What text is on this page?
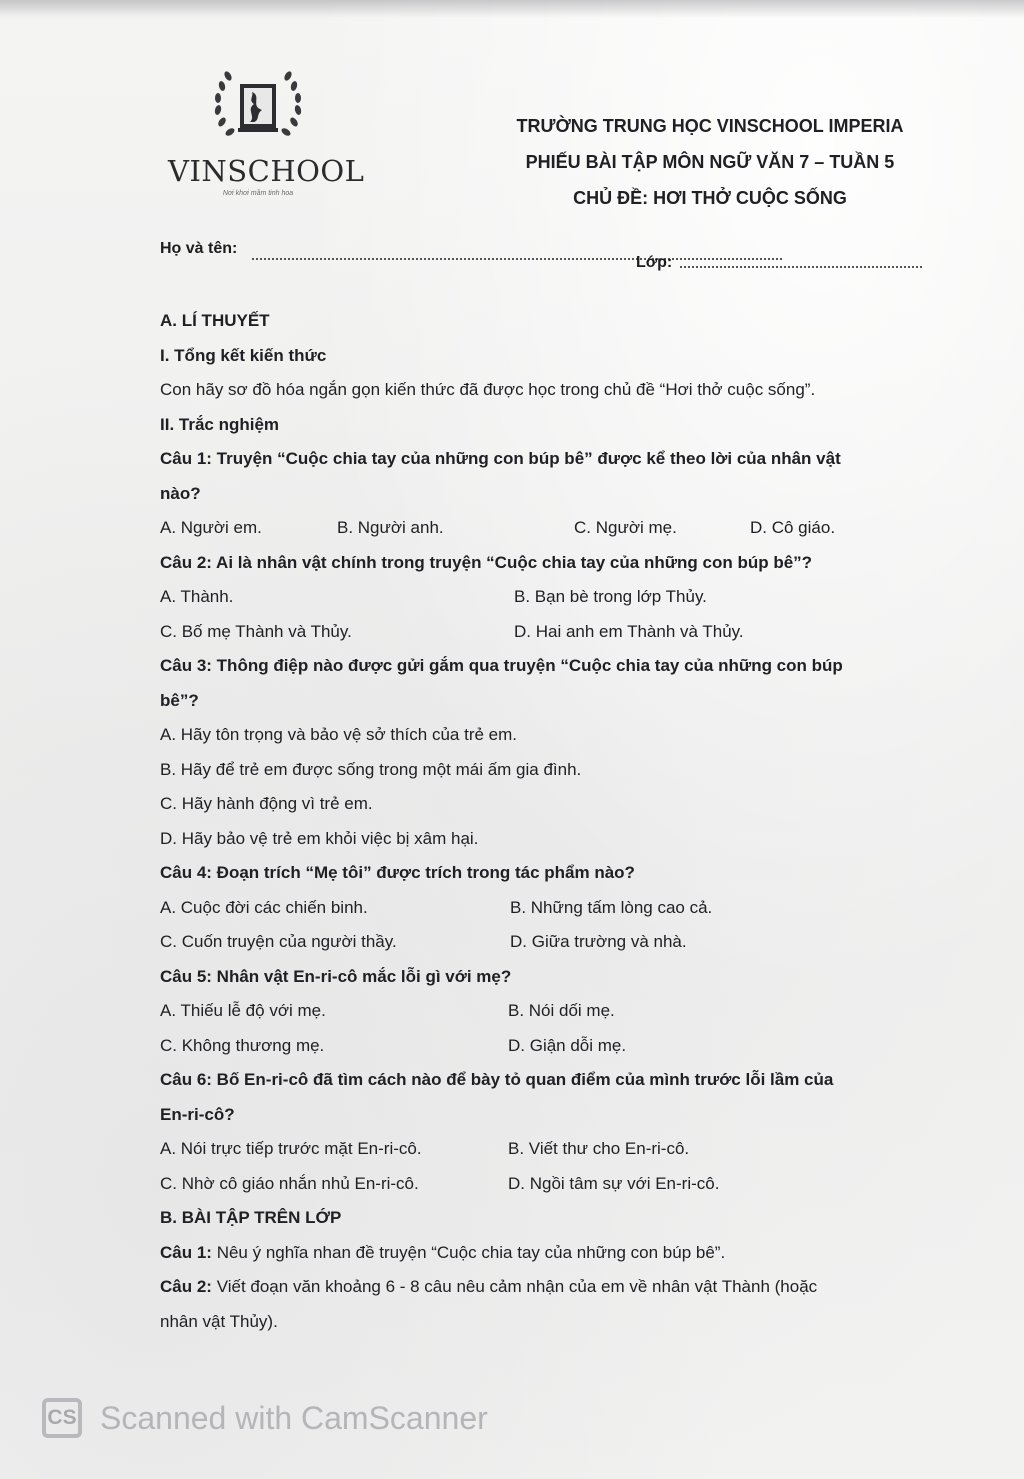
VINSCHOOL
Nơi khơi mầm tinh hoa
TRƯỜNG TRUNG HỌC VINSCHOOL IMPERIA
PHIẾU BÀI TẬP MÔN NGỮ VĂN 7 – TUẦN 5
CHỦ ĐỀ: HƠI THỞ CUỘC SỐNG
Họ và tên:
Lớp:
A. LÍ THUYẾT
I. Tổng kết kiến thức
Con hãy sơ đồ hóa ngắn gọn kiến thức đã được học trong chủ đề “Hơi thở cuộc sống”.
II. Trắc nghiệm
Câu 1: Truyện “Cuộc chia tay của những con búp bê” được kể theo lời của nhân vật
nào?
A. Người em.	B. Người anh.	C. Người mẹ.	D. Cô giáo.
Câu 2: Ai là nhân vật chính trong truyện “Cuộc chia tay của những con búp bê”?
A. Thành.	B. Bạn bè trong lớp Thủy.
C. Bố mẹ Thành và Thủy.	D. Hai anh em Thành và Thủy.
Câu 3: Thông điệp nào được gửi gắm qua truyện “Cuộc chia tay của những con búp
bê”?
A. Hãy tôn trọng và bảo vệ sở thích của trẻ em.
B. Hãy để trẻ em được sống trong một mái ấm gia đình.
C. Hãy hành động vì trẻ em.
D. Hãy bảo vệ trẻ em khỏi việc bị xâm hại.
Câu 4: Đoạn trích “Mẹ tôi” được trích trong tác phẩm nào?
A. Cuộc đời các chiến binh.	B. Những tấm lòng cao cả.
C. Cuốn truyện của người thầy.	D. Giữa trường và nhà.
Câu 5: Nhân vật En-ri-cô mắc lỗi gì với mẹ?
A. Thiếu lễ độ với mẹ.	B. Nói dối mẹ.
C. Không thương mẹ.	D. Giận dỗi mẹ.
Câu 6: Bố En-ri-cô đã tìm cách nào để bày tỏ quan điểm của mình trước lỗi lầm của
En-ri-cô?
A. Nói trực tiếp trước mặt En-ri-cô.	B. Viết thư cho En-ri-cô.
C. Nhờ cô giáo nhắn nhủ En-ri-cô.	D. Ngồi tâm sự với En-ri-cô.
B. BÀI TẬP TRÊN LỚP
Câu 1: Nêu ý nghĩa nhan đề truyện “Cuộc chia tay của những con búp bê”.
Câu 2: Viết đoạn văn khoảng 6 - 8 câu nêu cảm nhận của em về nhân vật Thành (hoặc
nhân vật Thủy).
CS Scanned with CamScanner
